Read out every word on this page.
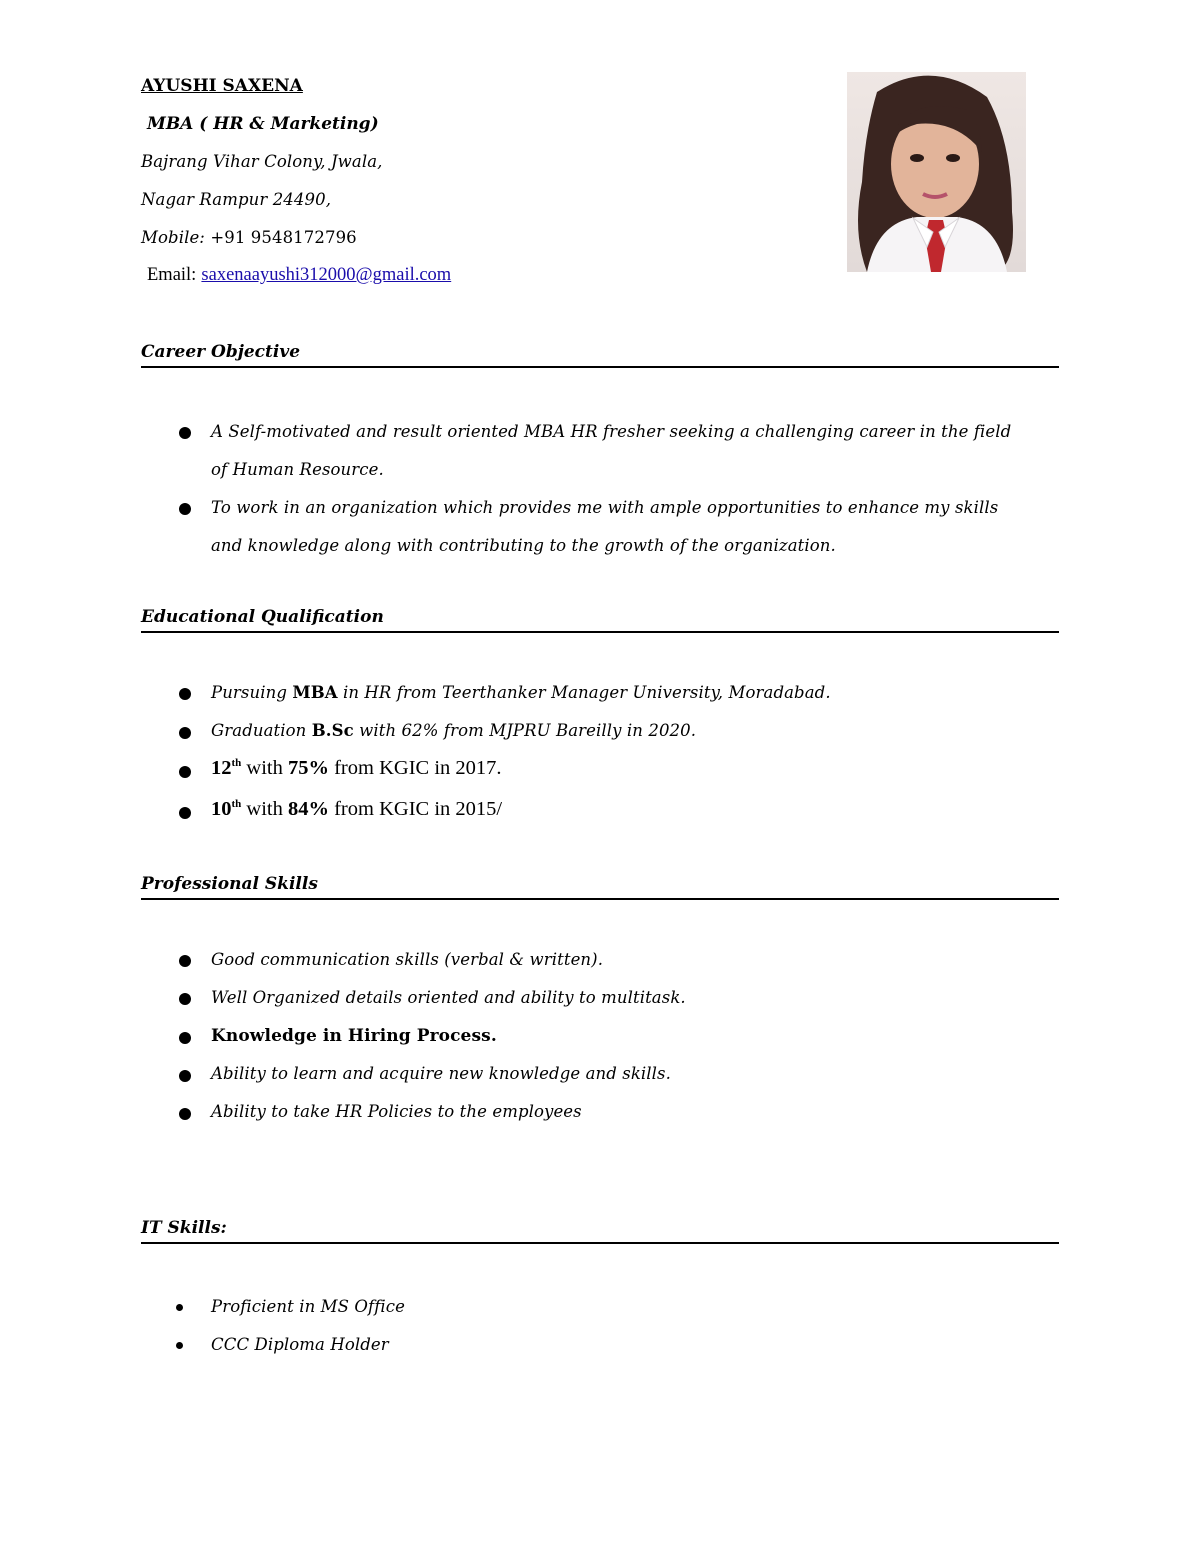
AYUSHI SAXENA
MBA ( HR & Marketing)
Bajrang Vihar Colony, Jwala,
Nagar Rampur 24490,
Mobile: +91 9548172796
Email: saxenaayushi312000@gmail.com
Career Objective
A Self-motivated and result oriented MBA HR fresher seeking a challenging career in the field
of Human Resource.
To work in an organization which provides me with ample opportunities to enhance my skills
and knowledge along with contributing to the growth of the organization.
Educational Qualification
Pursuing MBA in HR from Teerthanker Manager University, Moradabad.
Graduation B.Sc with 62% from MJPRU Bareilly in 2020.
12th with 75% from KGIC in 2017.
10th with 84% from KGIC in 2015/
Professional Skills
Good communication skills (verbal & written).
Well Organized details oriented and ability to multitask.
Knowledge in Hiring Process.
Ability to learn and acquire new knowledge and skills.
Ability to take HR Policies to the employees
IT Skills:
Proficient in MS Office
CCC Diploma Holder
